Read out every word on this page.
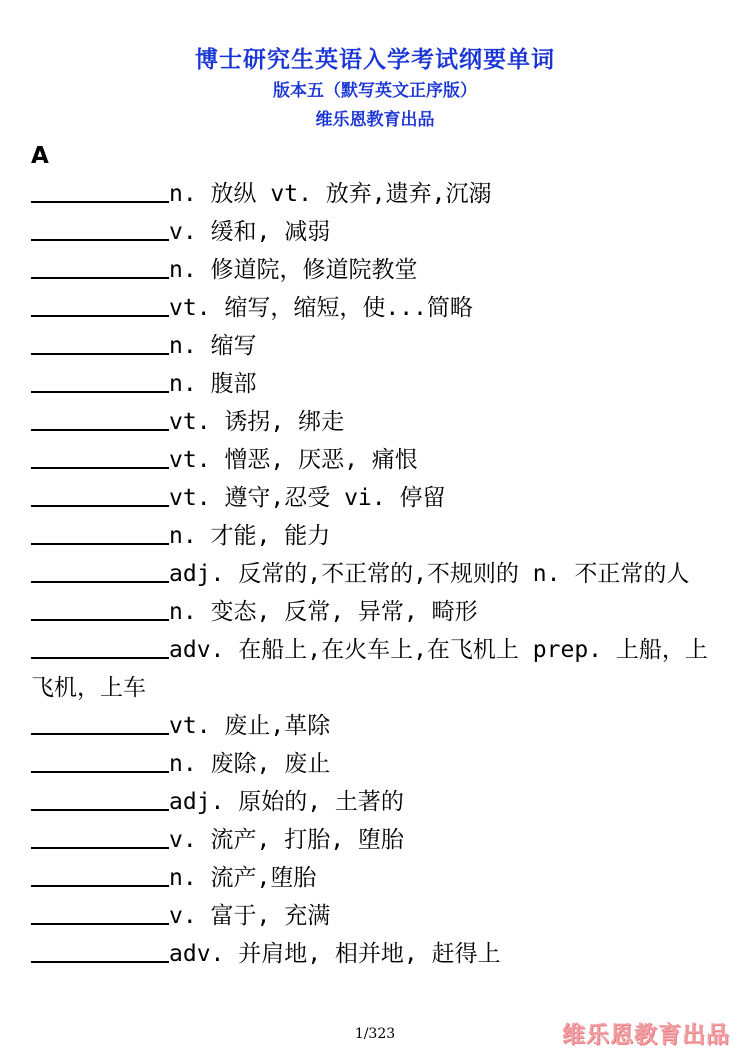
博士研究生英语入学考试纲要单词
版本五（默写英文正序版）
维乐恩教育出品
A
n. 放纵 vt. 放弃,遗弃,沉溺
v. 缓和, 减弱
n. 修道院，修道院教堂
vt. 缩写，缩短，使...简略
n. 缩写
n. 腹部
vt. 诱拐, 绑走
vt. 憎恶, 厌恶, 痛恨
vt. 遵守,忍受 vi. 停留
n. 才能, 能力
adj. 反常的,不正常的,不规则的 n. 不正常的人
n. 变态, 反常, 异常, 畸形
adv. 在船上,在火车上,在飞机上 prep. 上船，上飞机，上车
vt. 废止,革除
n. 废除, 废止
adj. 原始的, 土著的
v. 流产, 打胎, 堕胎
n. 流产,堕胎
v. 富于, 充满
adv. 并肩地, 相并地, 赶得上
1/323	维乐恩教育出品
